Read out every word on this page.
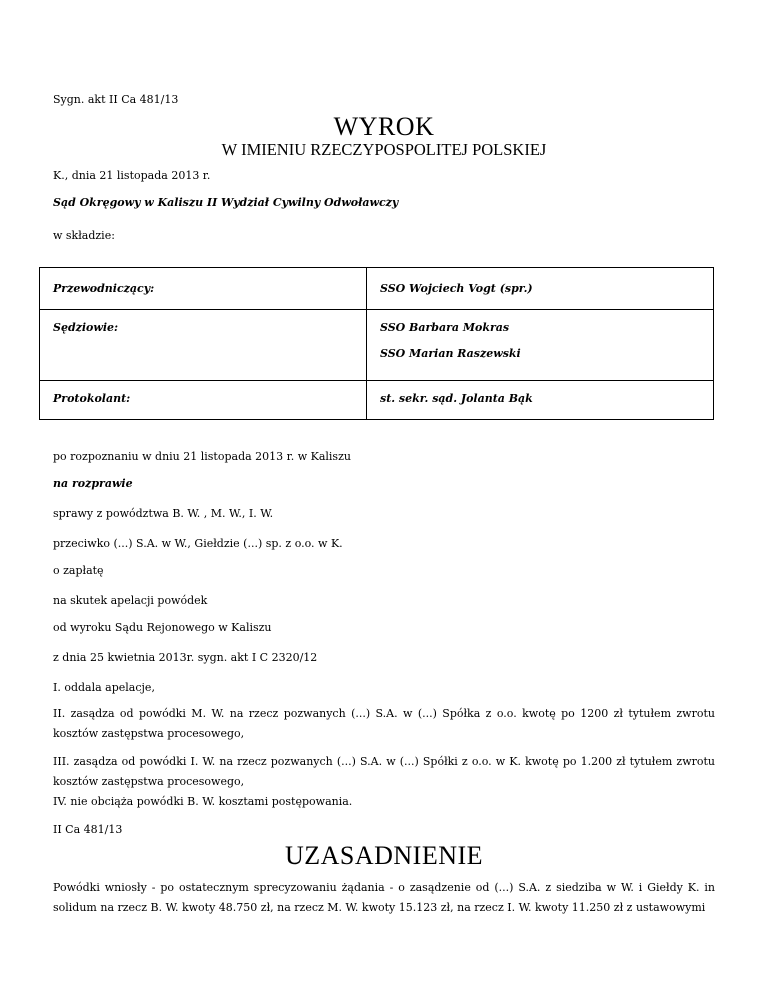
Sygn. akt II Ca 481/13
WYROK
W IMIENIU RZECZYPOSPOLITEJ POLSKIEJ
K., dnia 21 listopada 2013 r.
Sąd Okręgowy w Kaliszu II Wydział Cywilny Odwoławczy
w składzie:
Przewodniczący:	SSO Wojciech Vogt (spr.)

Sędziowie:	SSO Barbara Mokras
SSO Marian Raszewski

Protokolant:	st. sekr. sąd. Jolanta Bąk
po rozpoznaniu w dniu 21 listopada 2013 r. w Kaliszu
na rozprawie
sprawy z powództwa B. W. , M. W., I. W.
przeciwko (...) S.A. w W., Giełdzie (...) sp. z o.o. w K.
o zapłatę
na skutek apelacji powódek
od wyroku Sądu Rejonowego w Kaliszu
z dnia 25 kwietnia 2013r. sygn. akt I C 2320/12
I. oddala apelacje,
II. zasądza od powódki M. W. na rzecz pozwanych (...) S.A. w (...) Spółka z o.o. kwotę po 1200 zł tytułem zwrotu kosztów zastępstwa procesowego,
III. zasądza od powódki I. W. na rzecz pozwanych (...) S.A. w (...) Spółki z o.o. w K. kwotę po 1.200 zł tytułem zwrotu kosztów zastępstwa procesowego,
IV. nie obciąża powódki B. W. kosztami postępowania.
II Ca 481/13
UZASADNIENIE
Powódki wniosły - po ostatecznym sprecyzowaniu żądania - o zasądzenie od (...) S.A. z siedziba w W. i Giełdy K. in solidum na rzecz B. W. kwoty 48.750 zł, na rzecz M. W. kwoty 15.123 zł, na rzecz I. W. kwoty 11.250 zł z ustawowymi
